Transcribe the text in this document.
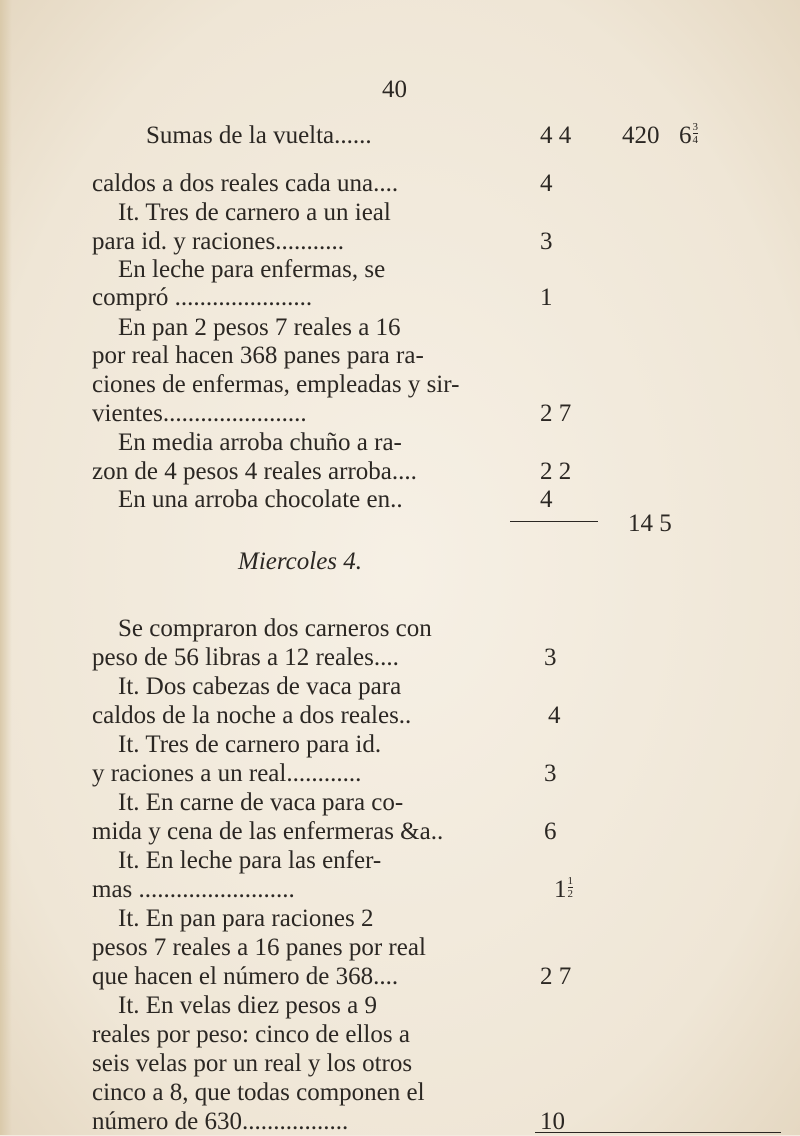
40
Sumas de la vuelta......	4 4 420 $6 \frac{3}{4}$
caldos a dos reales cada una....	4
It. Tres de carnero a un ieal
para id. y raciones...........	3
En leche para enfermas, se
compró ......................	1
En pan 2 pesos 7 reales a 16
por real hacen 368 panes para ra-
ciones de enfermas, empleadas y sir-
vientes.......................	2 7
En media arroba chuño a ra-
zon de 4 pesos 4 reales arroba....	2 2
En una arroba chocolate en..	4
14 5
Miercoles 4.
Se compraron dos carneros con
peso de 56 libras a 12 reales....	3
It. Dos cabezas de vaca para
caldos de la noche a dos reales..	4
It. Tres de carnero para id.
y raciones a un real............	3
It. En carne de vaca para co-
mida y cena de las enfermeras &a..	6
It. En leche para las enfer-
mas .........................	$1 \frac{1}{2}$
It. En pan para raciones 2
pesos 7 reales a 16 panes por real
que hacen el número de 368....	2 7
It. En velas diez pesos a 9
reales por peso: cinco de ellos a
seis velas por un real y los otros
cinco a 8, que todas componen el
número de 630.................	10
